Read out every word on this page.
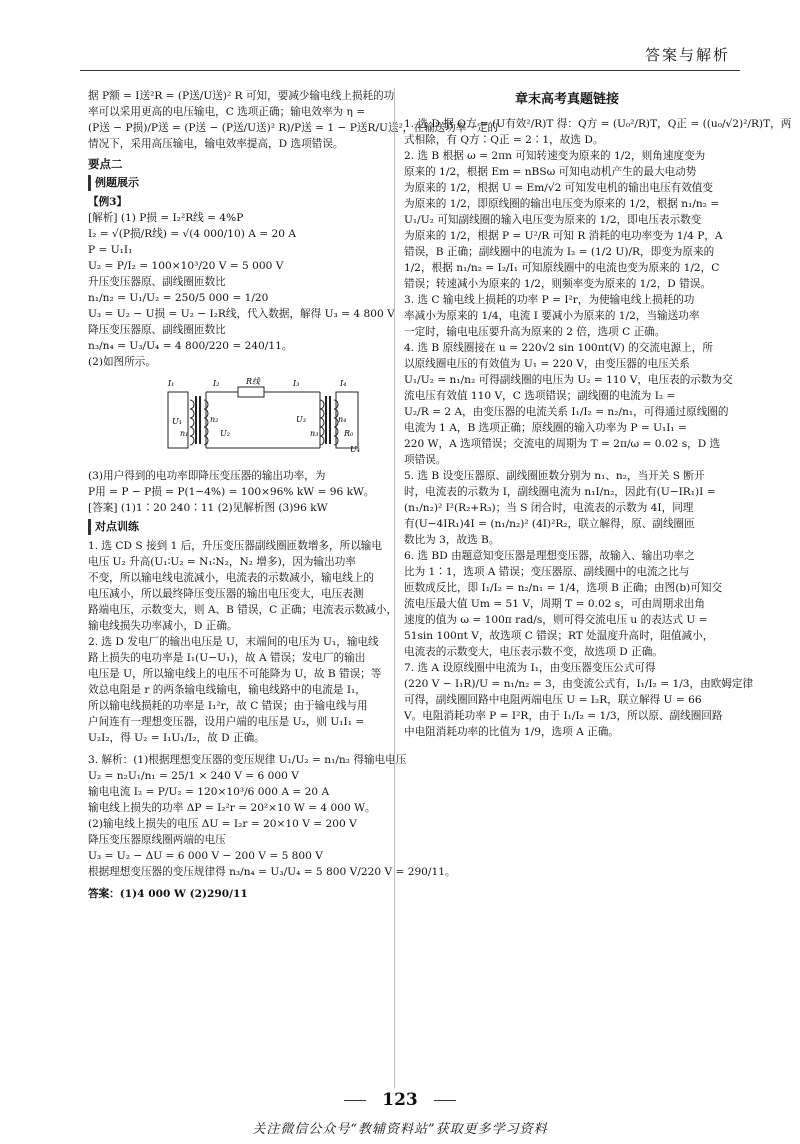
答案与解析
据 P额 = I送²R = (P送/U送)² R 可知，要减少输电线上损耗的功
率可以采用更高的电压输电，C 选项正确；输电效率为 η =
(P送 − P损)/P送 = (P送 − (P送/U送)² R)/P送 = 1 − P送R/U送²，在输送功率一定的
情况下，采用高压输电，输电效率提高，D 选项错误。
要点二
例题展示
【例3】
[解析] (1) P损 = I₂²R线 = 4%P
I₂ = √(P损/R线) = √(4 000/10) A = 20 A
P = U₁I₁
U₂ = P/I₂ = 100×10³/20 V = 5 000 V
升压变压器原、副线圈匝数比
n₁/n₂ = U₁/U₂ = 250/5 000 = 1/20
U₃ = U₂ − U损 = U₂ − I₂R线，代入数据，解得 U₃ = 4 800 V
降压变压器原、副线圈匝数比
n₃/n₄ = U₃/U₄ = 4 800/220 = 240/11。
(2)如图所示。
I₁	I₂	R线	I₃	I₄
U₁
n₁
n₂
U₂
U₃
n₃
n₄
R₀
U₄
(3)用户得到的电功率即降压变压器的输出功率，为
P用 = P − P损 = P(1−4%) = 100×96% kW = 96 kW。
[答案] (1)1∶20 240∶11 (2)见解析图 (3)96 kW
对点训练
1. 选 CD S 接到 1 后，升压变压器副线圈匝数增多，所以输电
电压 U₂ 升高(U₁∶U₂ = N₁∶N₂，N₂ 增多)，因为输出功率
不变，所以输电线电流减小，电流表的示数减小，输电线上的
电压减小，所以最终降压变压器的输出电压变大，电压表测
路端电压，示数变大，则 A、B 错误，C 正确；电流表示数减小，
输电线损失功率减小，D 正确。
2. 选 D 发电厂的输出电压是 U，末端间的电压为 U₁，输电线
路上损失的电功率是 I₁(U−U₁)，故 A 错误；发电厂的输出
电压是 U，所以输电线上的电压不可能降为 U，故 B 错误；等
效总电阻是 r 的两条输电线输电，输电线路中的电流是 I₁，
所以输电线损耗的功率是 I₁²r，故 C 错误；由于输电线与用
户间连有一理想变压器，设用户端的电压是 U₂，则 U₁I₁ =
U₂I₂，得 U₂ = I₁U₁/I₂，故 D 正确。
3. 解析：(1)根据理想变压器的变压规律 U₁/U₂ = n₁/n₂ 得输电电压
U₂ = n₂U₁/n₁ = 25/1 × 240 V = 6 000 V
输电电流 I₂ = P/U₂ = 120×10³/6 000 A = 20 A
输电线上损失的功率 ΔP = I₂²r = 20²×10 W = 4 000 W。
(2)输电线上损失的电压 ΔU = I₂r = 20×10 V = 200 V
降压变压器原线圈两端的电压
U₃ = U₂ − ΔU = 6 000 V − 200 V = 5 800 V
根据理想变压器的变压规律得 n₃/n₄ = U₃/U₄ = 5 800 V/220 V = 290/11。
答案：(1)4 000 W (2)290/11
章末高考真题链接
1. 选 D 据 Q方 = (U有效²/R)T 得：Q方 = (U₀²/R)T，Q正 = ((u₀/√2)²/R)T，两
式相除，有 Q方∶Q正 = 2∶1，故选 D。
2. 选 B 根据 ω = 2πn 可知转速变为原来的 1/2，则角速度变为
原来的 1/2，根据 Em = nBSω 可知电动机产生的最大电动势
为原来的 1/2，根据 U = Em/√2 可知发电机的输出电压有效值变
为原来的 1/2，即原线圈的输出电压变为原来的 1/2，根据 n₁/n₂ =
U₁/U₂ 可知副线圈的输入电压变为原来的 1/2，即电压表示数变
为原来的 1/2，根据 P = U²/R 可知 R 消耗的电功率变为 1/4 P，A
错误，B 正确；副线圈中的电流为 I₂ = (1/2 U)/R，即变为原来的
1/2，根据 n₁/n₂ = I₂/I₁ 可知原线圈中的电流也变为原来的 1/2，C
错误；转速减小为原来的 1/2，则频率变为原来的 1/2，D 错误。
3. 选 C 输电线上损耗的功率 P = I²r，为使输电线上损耗的功
率减小为原来的 1/4，电流 I 要减小为原来的 1/2，当输送功率
一定时，输电电压要升高为原来的 2 倍，选项 C 正确。
4. 选 B 原线圈接在 u = 220√2 sin 100πt(V) 的交流电源上，所
以原线圈电压的有效值为 U₁ = 220 V，由变压器的电压关系
U₁/U₂ = n₁/n₂ 可得副线圈的电压为 U₂ = 110 V，电压表的示数为交
流电压有效值 110 V，C 选项错误；副线圈的电流为 I₂ =
U₂/R = 2 A，由变压器的电流关系 I₁/I₂ = n₂/n₁，可得通过原线圈的
电流为 1 A，B 选项正确；原线圈的输入功率为 P = U₁I₁ =
220 W，A 选项错误；交流电的周期为 T = 2π/ω = 0.02 s，D 选
项错误。
5. 选 B 设变压器原、副线圈匝数分别为 n₁、n₂，当开关 S 断开
时，电流表的示数为 I，副线圈电流为 n₁I/n₂，因此有(U−IR₁)I =
(n₁/n₂)² I²(R₂+R₃)；当 S 闭合时，电流表的示数为 4I，同理
有(U−4IR₁)4I = (n₁/n₂)² (4I)²R₂，联立解得，原、副线圈匝
数比为 3，故选 B。
6. 选 BD 由题意知变压器是理想变压器，故输入、输出功率之
比为 1∶1，选项 A 错误；变压器原、副线圈中的电流之比与
匝数成反比，即 I₁/I₂ = n₂/n₁ = 1/4，选项 B 正确；由图(b)可知交
流电压最大值 Um = 51 V，周期 T = 0.02 s，可由周期求出角
速度的值为 ω = 100π rad/s，则可得交流电压 u 的表达式 U =
51sin 100πt V，故选项 C 错误；RT 处温度升高时，阻值减小，
电流表的示数变大，电压表示数不变，故选项 D 正确。
7. 选 A 设原线圈中电流为 I₁，由变压器变压公式可得
(220 V − I₁R)/U = n₁/n₂ = 3，由变流公式有，I₁/I₂ = 1/3，由欧姆定律
可得，副线圈回路中电阻两端电压 U = I₂R，联立解得 U = 66
V。电阻消耗功率 P = I²R，由于 I₁/I₂ = 1/3，所以原、副线圈回路
中电阻消耗功率的比值为 1/9，选项 A 正确。
123
关注微信公众号“教辅资料站”获取更多学习资料
